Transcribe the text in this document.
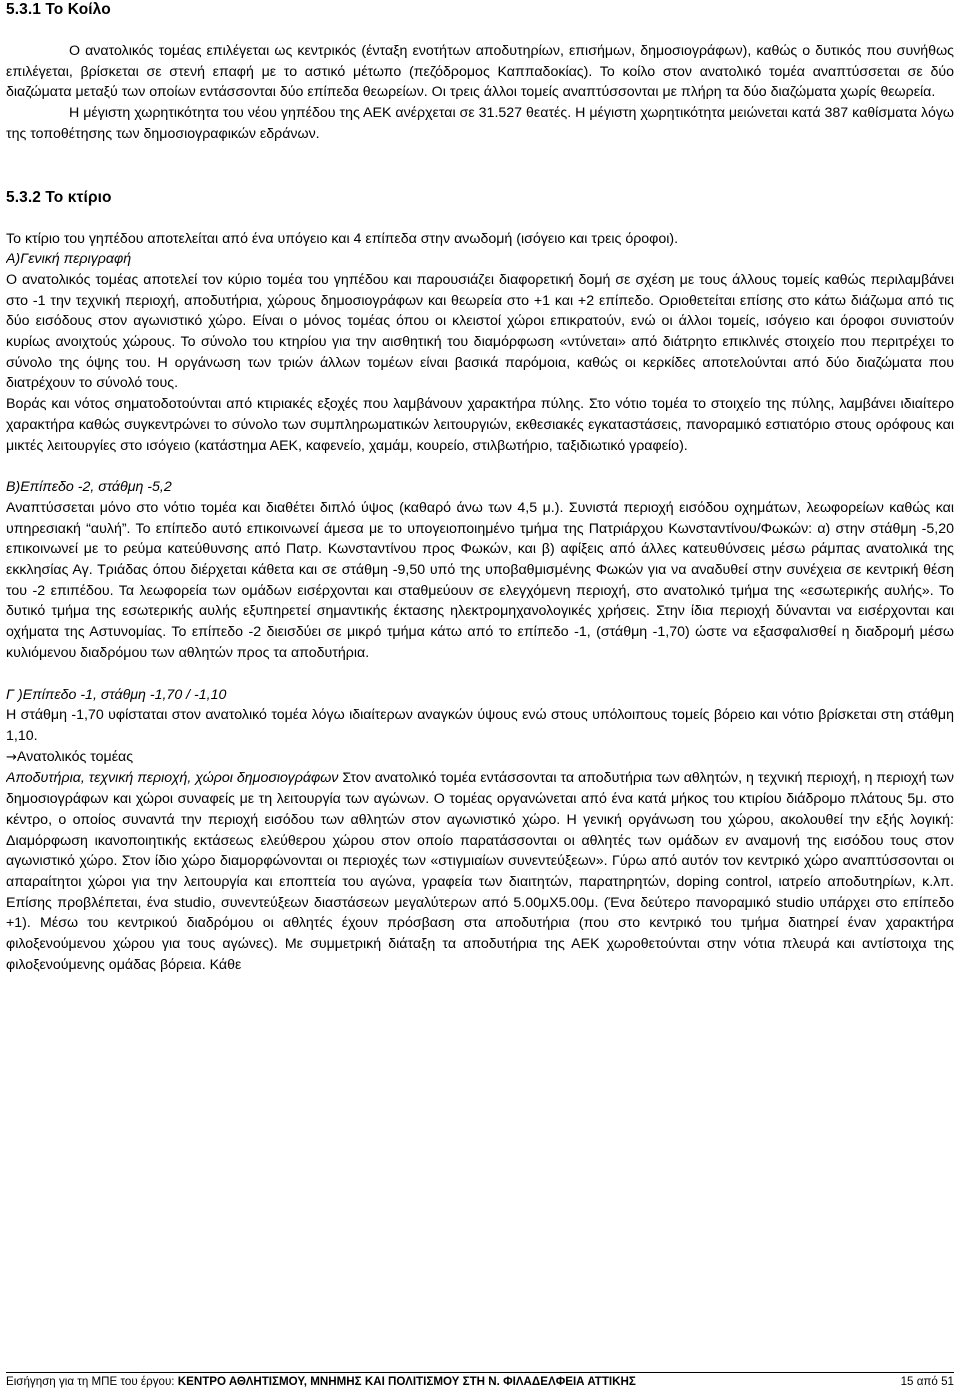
5.3.1 Το Κοίλο

Ο ανατολικός τομέας επιλέγεται ως κεντρικός (ένταξη ενοτήτων αποδυτηρίων, επισήμων, δημοσιογράφων), καθώς ο δυτικός που συνήθως επιλέγεται, βρίσκεται σε στενή επαφή με το αστικό μέτωπο (πεζόδρομος Καππαδοκίας). Το κοίλο στον ανατολικό τομέα αναπτύσσεται σε δύο διαζώματα μεταξύ των οποίων εντάσσονται δύο επίπεδα θεωρείων. Οι τρεις άλλοι τομείς αναπτύσσονται με πλήρη τα δύο διαζώματα χωρίς θεωρεία.

Η μέγιστη χωρητικότητα του νέου γηπέδου της ΑΕΚ ανέρχεται σε 31.527 θεατές. Η μέγιστη χωρητικότητα μειώνεται κατά 387 καθίσματα λόγω της τοποθέτησης των δημοσιογραφικών εδράνων.

5.3.2 Το κτίριο

Το κτίριο του γηπέδου αποτελείται από ένα υπόγειο και 4 επίπεδα στην ανωδομή (ισόγειο και τρεις όροφοι).

Α)Γενική περιγραφή

Ο ανατολικός τομέας αποτελεί τον κύριο τομέα του γηπέδου και παρουσιάζει διαφορετική δομή σε σχέση με τους άλλους τομείς καθώς περιλαμβάνει στο -1 την τεχνική περιοχή, αποδυτήρια, χώρους δημοσιογράφων και θεωρεία στο +1 και +2 επίπεδο. Οριοθετείται επίσης στο κάτω διάζωμα από τις δύο εισόδους στον αγωνιστικό χώρο. Είναι ο μόνος τομέας όπου οι κλειστοί χώροι επικρατούν, ενώ οι άλλοι τομείς, ισόγειο και όροφοι συνιστούν κυρίως ανοιχτούς χώρους. Το σύνολο του κτηρίου για την αισθητική του διαμόρφωση «ντύνεται» από διάτρητο επικλινές στοιχείο που περιτρέχει το σύνολο της όψης του. Η οργάνωση των τριών άλλων τομέων είναι βασικά παρόμοια, καθώς οι κερκίδες αποτελούνται από δύο διαζώματα που διατρέχουν το σύνολό τους.

Βοράς και νότος σηματοδοτούνται από κτιριακές εξοχές που λαμβάνουν χαρακτήρα πύλης. Στο νότιο τομέα το στοιχείο της πύλης, λαμβάνει ιδιαίτερο χαρακτήρα καθώς συγκεντρώνει το σύνολο των συμπληρωματικών λειτουργιών, εκθεσιακές εγκαταστάσεις, πανοραμικό εστιατόριο στους ορόφους και μικτές λειτουργίες στο ισόγειο (κατάστημα ΑΕΚ, καφενείο, χαμάμ, κουρείο, στιλβωτήριο, ταξιδιωτικό γραφείο).

Β)Επίπεδο -2, στάθμη -5,2

Αναπτύσσεται μόνο στο νότιο τομέα και διαθέτει διπλό ύψος (καθαρό άνω των 4,5 μ.). Συνιστά περιοχή εισόδου οχημάτων, λεωφορείων καθώς και υπηρεσιακή “αυλή”. Το επίπεδο αυτό επικοινωνεί άμεσα με το υπογειοποιημένο τμήμα της Πατριάρχου Κωνσταντίνου/Φωκών: α) στην στάθμη -5,20 επικοινωνεί με το ρεύμα κατεύθυνσης από Πατρ. Κωνσταντίνου προς Φωκών, και β) αφίξεις από άλλες κατευθύνσεις μέσω ράμπας ανατολικά της εκκλησίας Αγ. Τριάδας όπου διέρχεται κάθετα και σε στάθμη -9,50 υπό της υποβαθμισμένης Φωκών για να αναδυθεί στην συνέχεια σε κεντρική θέση του -2 επιπέδου. Τα λεωφορεία των ομάδων εισέρχονται και σταθμεύουν σε ελεγχόμενη περιοχή, στο ανατολικό τμήμα της «εσωτερικής αυλής». Το δυτικό τμήμα της εσωτερικής αυλής εξυπηρετεί σημαντικής έκτασης ηλεκτρομηχανολογικές χρήσεις. Στην ίδια περιοχή δύνανται να εισέρχονται και οχήματα της Αστυνομίας. Το επίπεδο -2 διεισδύει σε μικρό τμήμα κάτω από το επίπεδο -1, (στάθμη -1,70) ώστε να εξασφαλισθεί η διαδρομή μέσω κυλιόμενου διαδρόμου των αθλητών προς τα αποδυτήρια.

Γ )Επίπεδο -1, στάθμη -1,70 / -1,10

Η στάθμη -1,70 υφίσταται στον ανατολικό τομέα λόγω ιδιαίτερων αναγκών ύψους ενώ στους υπόλοιπους τομείς βόρειο και νότιο βρίσκεται στη στάθμη 1,10.

→Ανατολικός τομέας

Αποδυτήρια, τεχνική περιοχή, χώροι δημοσιογράφων Στον ανατολικό τομέα εντάσσονται τα αποδυτήρια των αθλητών, η τεχνική περιοχή, η περιοχή των δημοσιογράφων και χώροι συναφείς με τη λειτουργία των αγώνων. Ο τομέας οργανώνεται από ένα κατά μήκος του κτιρίου διάδρομο πλάτους 5μ. στο κέντρο, ο οποίος συναντά την περιοχή εισόδου των αθλητών στον αγωνιστικό χώρο. Η γενική οργάνωση του χώρου, ακολουθεί την εξής λογική: Διαμόρφωση ικανοποιητικής εκτάσεως ελεύθερου χώρου στον οποίο παρατάσσονται οι αθλητές των ομάδων εν αναμονή της εισόδου τους στον αγωνιστικό χώρο. Στον ίδιο χώρο διαμορφώνονται οι περιοχές των «στιγμιαίων συνεντεύξεων». Γύρω από αυτόν τον κεντρικό χώρο αναπτύσσονται οι απαραίτητοι χώροι για την λειτουργία και εποπτεία του αγώνα, γραφεία των διαιτητών, παρατηρητών, doping control, ιατρείο αποδυτηρίων, κ.λπ. Επίσης προβλέπεται, ένα studio, συνεντεύξεων διαστάσεων μεγαλύτερων από 5.00μΧ5.00μ. (Ένα δεύτερο πανοραμικό studio υπάρχει στο επίπεδο +1). Μέσω του κεντρικού διαδρόμου οι αθλητές έχουν πρόσβαση στα αποδυτήρια (που στο κεντρικό του τμήμα διατηρεί έναν χαρακτήρα φιλοξενούμενου χώρου για τους αγώνες). Με συμμετρική διάταξη τα αποδυτήρια της ΑΕΚ χωροθετούνται στην νότια πλευρά και αντίστοιχα της φιλοξενούμενης ομάδας βόρεια. Κάθε

Εισήγηση για τη ΜΠΕ του έργου: ΚΕΝΤΡΟ ΑΘΛΗΤΙΣΜΟΥ, ΜΝΗΜΗΣ ΚΑΙ ΠΟΛΙΤΙΣΜΟΥ ΣΤΗ Ν. ΦΙΛΑΔΕΛΦΕΙΑ ΑΤΤΙΚΗΣ	15 από 51
